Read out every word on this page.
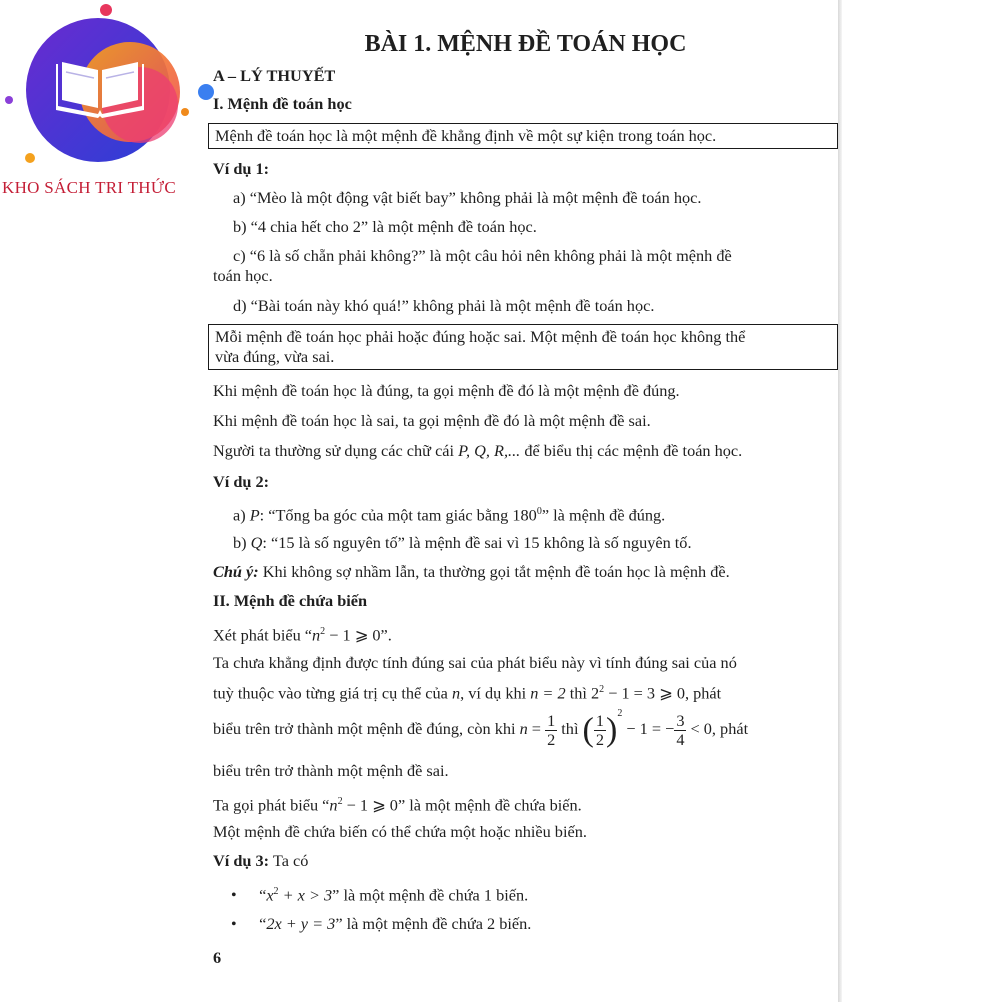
KHO SÁCH TRI THỨC
BÀI 1. MỆNH ĐỀ TOÁN HỌC
A – LÝ THUYẾT
I. Mệnh đề toán học
Mệnh đề toán học là một mệnh đề khẳng định về một sự kiện trong toán học.
Ví dụ 1:
a) “Mèo là một động vật biết bay” không phải là một mệnh đề toán học.
b) “4 chia hết cho 2” là một mệnh đề toán học.
c) “6 là số chẵn phải không?” là một câu hỏi nên không phải là một mệnh đề
toán học.
d) “Bài toán này khó quá!” không phải là một mệnh đề toán học.
Mỗi mệnh đề toán học phải hoặc đúng hoặc sai. Một mệnh đề toán học không thể
vừa đúng, vừa sai.
Khi mệnh đề toán học là đúng, ta gọi mệnh đề đó là một mệnh đề đúng.
Khi mệnh đề toán học là sai, ta gọi mệnh đề đó là một mệnh đề sai.
Người ta thường sử dụng các chữ cái P, Q, R,... để biểu thị các mệnh đề toán học.
Ví dụ 2:
a) P: “Tổng ba góc của một tam giác bằng $180^0$” là mệnh đề đúng.
b) Q: “15 là số nguyên tố” là mệnh đề sai vì 15 không là số nguyên tố.
Chú ý: Khi không sợ nhầm lẫn, ta thường gọi tắt mệnh đề toán học là mệnh đề.
II. Mệnh đề chứa biến
Xét phát biểu “$n^2 - 1$ ⩾ 0”.
Ta chưa khẳng định được tính đúng sai của phát biểu này vì tính đúng sai của nó
tuỳ thuộc vào từng giá trị cụ thể của n, ví dụ khi n = 2 thì $2^2 - 1 = 3$ ⩾ 0, phát
biểu trên trở thành một mệnh đề đúng, còn khi $n = \frac{1}{2}$ thì ( $\frac{1}{2} )^2 - 1$ = − $\frac{3}{4} < 0$, phát
biểu trên trở thành một mệnh đề sai.
Ta gọi phát biểu “$n^2 - 1$ ⩾ 0” là một mệnh đề chứa biến.
Một mệnh đề chứa biến có thể chứa một hoặc nhiều biến.
Ví dụ 3: Ta có
• “$x^2 + x > 3$” là một mệnh đề chứa 1 biến.
• “2x + y = 3” là một mệnh đề chứa 2 biến.
6
